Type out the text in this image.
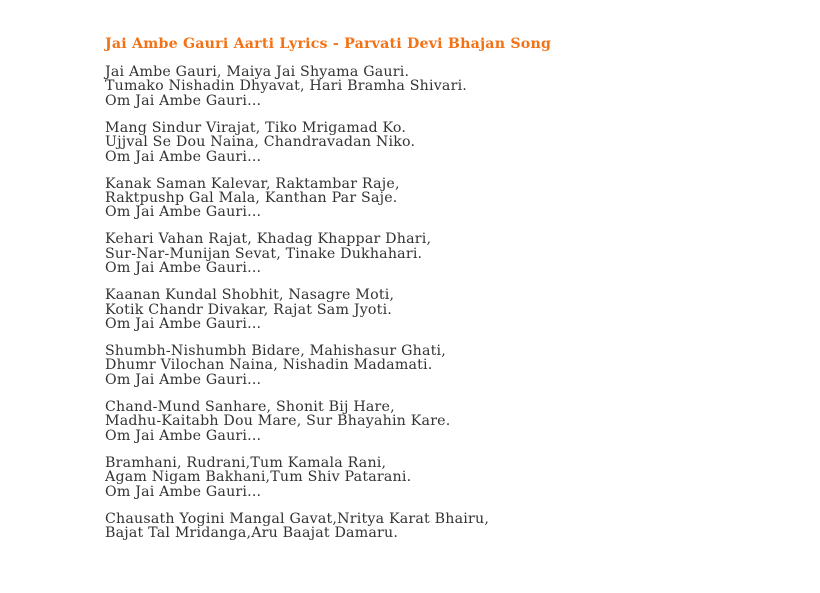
Jai Ambe Gauri Aarti Lyrics - Parvati Devi Bhajan Song
Jai Ambe Gauri, Maiya Jai Shyama Gauri.
Tumako Nishadin Dhyavat, Hari Bramha Shivari.
Om Jai Ambe Gauri...
Mang Sindur Virajat, Tiko Mrigamad Ko.
Ujjval Se Dou Naina, Chandravadan Niko.
Om Jai Ambe Gauri...
Kanak Saman Kalevar, Raktambar Raje,
Raktpushp Gal Mala, Kanthan Par Saje.
Om Jai Ambe Gauri...
Kehari Vahan Rajat, Khadag Khappar Dhari,
Sur-Nar-Munijan Sevat, Tinake Dukhahari.
Om Jai Ambe Gauri...
Kaanan Kundal Shobhit, Nasagre Moti,
Kotik Chandr Divakar, Rajat Sam Jyoti.
Om Jai Ambe Gauri...
Shumbh-Nishumbh Bidare, Mahishasur Ghati,
Dhumr Vilochan Naina, Nishadin Madamati.
Om Jai Ambe Gauri...
Chand-Mund Sanhare, Shonit Bij Hare,
Madhu-Kaitabh Dou Mare, Sur Bhayahin Kare.
Om Jai Ambe Gauri...
Bramhani, Rudrani,Tum Kamala Rani,
Agam Nigam Bakhani,Tum Shiv Patarani.
Om Jai Ambe Gauri...
Chausath Yogini Mangal Gavat,Nritya Karat Bhairu,
Bajat Tal Mridanga,Aru Baajat Damaru.
